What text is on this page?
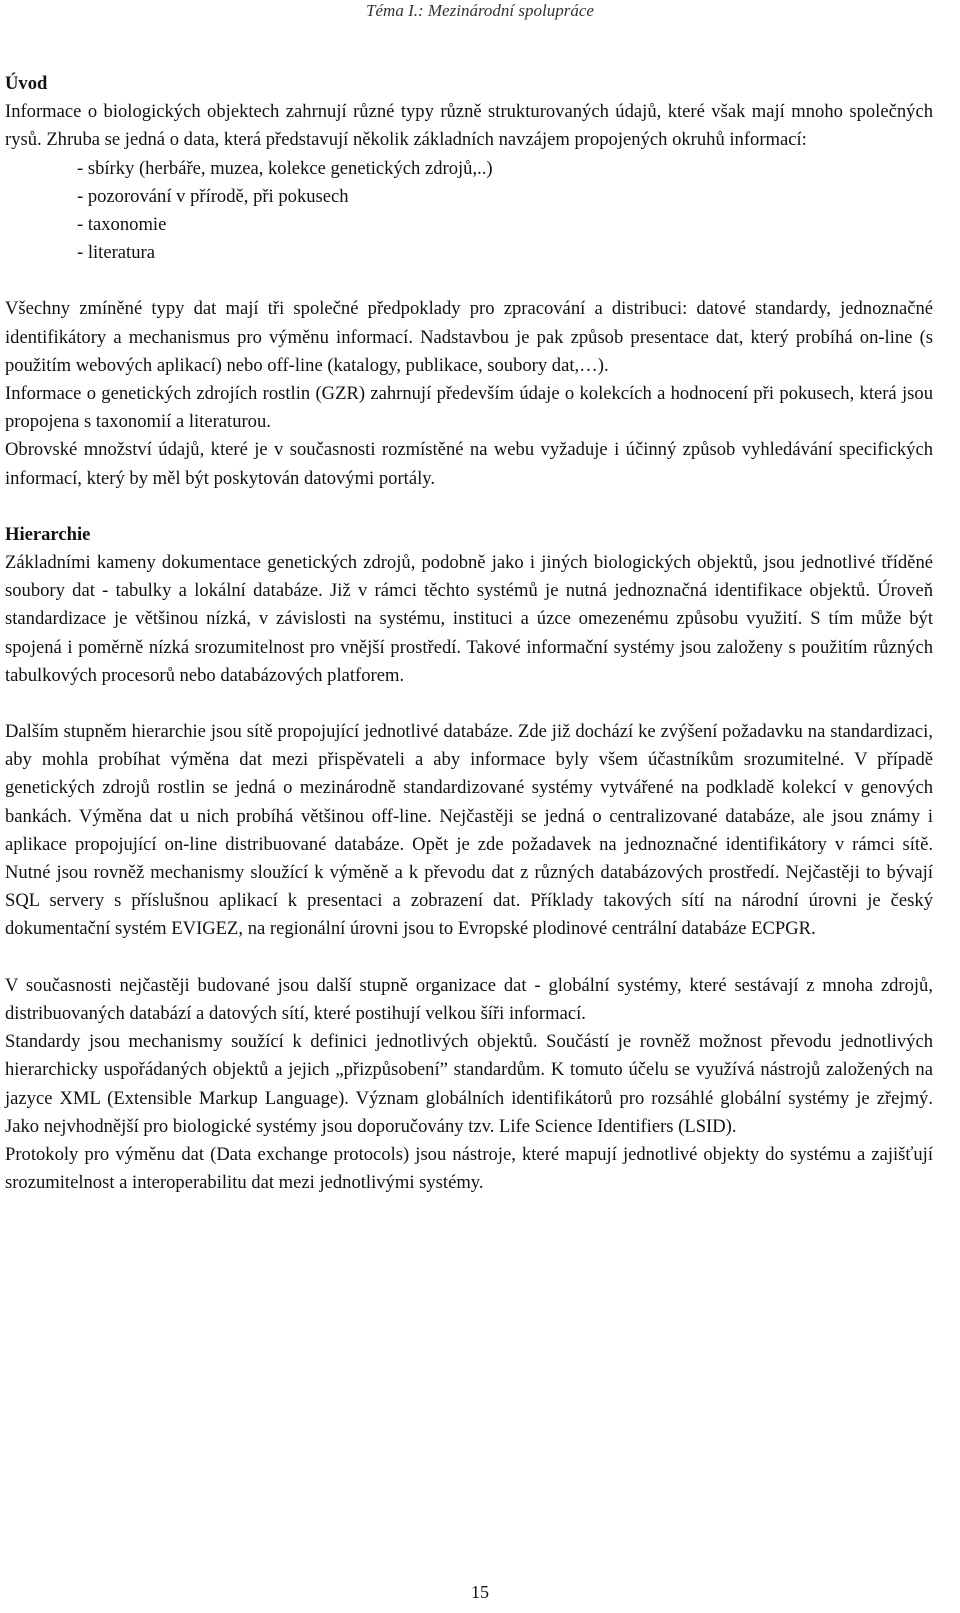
Téma I.: Mezinárodní spolupráce

Úvod

Informace o biologických objektech zahrnují různé typy různě strukturovaných údajů, které však mají mnoho společných rysů. Zhruba se jedná o data, která představují několik základních navzájem propojených okruhů informací:

- sbírky (herbáře, muzea, kolekce genetických zdrojů,..)

- pozorování v přírodě, při pokusech

- taxonomie

- literatura

Všechny zmíněné typy dat mají tři společné předpoklady pro zpracování a distribuci: datové standardy, jednoznačné identifikátory a mechanismus pro výměnu informací. Nadstavbou je pak způsob presentace dat, který probíhá on-line (s použitím webových aplikací) nebo off-line (katalogy, publikace, soubory dat,…).

Informace o genetických zdrojích rostlin (GZR) zahrnují především údaje o kolekcích a hodnocení při pokusech, která jsou propojena s taxonomií a literaturou.

Obrovské množství údajů, které je v současnosti rozmístěné na webu vyžaduje i účinný způsob vyhledávání specifických informací, který by měl být poskytován datovými portály.

Hierarchie

Základními kameny dokumentace genetických zdrojů, podobně jako i jiných biologických objektů, jsou jednotlivé tříděné soubory dat - tabulky a lokální databáze. Již v rámci těchto systémů je nutná jednoznačná identifikace objektů. Úroveň standardizace je většinou nízká, v závislosti na systému, instituci a úzce omezenému způsobu využití. S tím může být spojená i poměrně nízká srozumitelnost pro vnější prostředí. Takové informační systémy jsou založeny s použitím různých tabulkových procesorů nebo databázových platforem.

Dalším stupněm hierarchie jsou sítě propojující jednotlivé databáze. Zde již dochází ke zvýšení požadavku na standardizaci, aby mohla probíhat výměna dat mezi přispěvateli a aby informace byly všem účastníkům srozumitelné. V případě genetických zdrojů rostlin se jedná o mezinárodně standardizované systémy vytvářené na podkladě kolekcí v genových bankách. Výměna dat u nich probíhá většinou off-line. Nejčastěji se jedná o centralizované databáze, ale jsou známy i aplikace propojující on-line distribuované databáze. Opět je zde požadavek na jednoznačné identifikátory v rámci sítě. Nutné jsou rovněž mechanismy sloužící k výměně a k převodu dat z různých databázových prostředí. Nejčastěji to bývají SQL servery s příslušnou aplikací k presentaci a zobrazení dat. Příklady takových sítí na národní úrovni je český dokumentační systém EVIGEZ, na regionální úrovni jsou to Evropské plodinové centrální databáze ECPGR.

V současnosti nejčastěji budované jsou další stupně organizace dat - globální systémy, které sestávají z mnoha zdrojů, distribuovaných databází a datových sítí, které postihují velkou šíři informací.

Standardy jsou mechanismy soužící k definici jednotlivých objektů. Součástí je rovněž možnost převodu jednotlivých hierarchicky uspořádaných objektů a jejich „přizpůsobení” standardům. K tomuto účelu se využívá nástrojů založených na jazyce XML (Extensible Markup Language). Význam globálních identifikátorů pro rozsáhlé globální systémy je zřejmý. Jako nejvhodnější pro biologické systémy jsou doporučovány tzv. Life Science Identifiers (LSID).

Protokoly pro výměnu dat (Data exchange protocols) jsou nástroje, které mapují jednotlivé objekty do systému a zajišťují srozumitelnost a interoperabilitu dat mezi jednotlivými systémy.

15
